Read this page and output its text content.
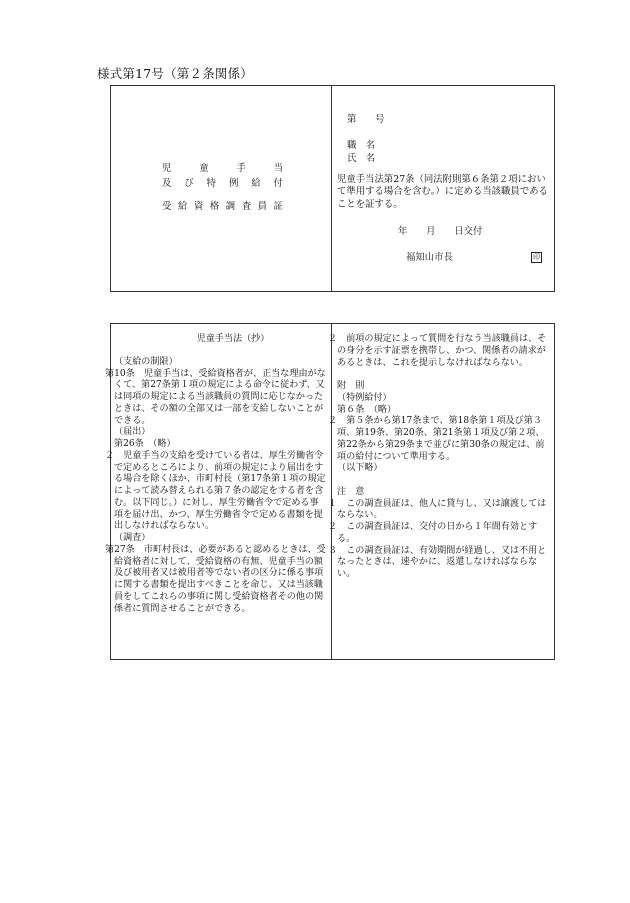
様式第17号（第２条関係）
児	童	手	当
及 び 特 例 給 付
受 給 資 格 調 査 員 証
第　　号
職　名
氏　名
児童手当法第27条（同法附則第６条第２項において準用する場合を含む。）に定める当該職員であることを証する。
年　　月　　日交付
福知山市長	印

児童手当法（抄）

（支給の制限）

第10条　児童手当は、受給資格者が、正当な理由がなくて、第27条第１項の規定による命令に従わず、又は同項の規定による当該職員の質問に応じなかったときは、その額の全部又は一部を支給しないことができる。

（届出）

第26条　（略）

２　児童手当の支給を受けている者は、厚生労働省令で定めるところにより、前項の規定により届出をする場合を除くほか、市町村長（第17条第１項の規定によって読み替えられる第７条の認定をする者を含む。以下同じ。）に対し、厚生労働省令で定める事項を届け出、かつ、厚生労働省令で定める書類を提出しなければならない。

（調査）

第27条　市町村長は、必要があると認めるときは、受給資格者に対して、受給資格の有無、児童手当の額及び被用者又は被用者等でない者の区分に係る事項に関する書類を提出すべきことを命じ、又は当該職員をしてこれらの事項に関し受給資格者その他の関係者に質問させることができる。

２　前項の規定によって質問を行なう当該職員は、その身分を示す証票を携帯し、かつ、関係者の請求があるときは、これを提示しなければならない。

附　則

（特例給付）

第６条　（略）

２　第５条から第17条まで、第18条第１項及び第３項、第19条、第20条、第21条第１項及び第２項、第22条から第29条まで並びに第30条の規定は、前項の給付について準用する。

（以下略）

注　意

１　この調査員証は、他人に貸与し、又は譲渡してはならない。

２　この調査員証は、交付の日から１年間有効とする。

３　この調査員証は、有効期間が経過し、又は不用となったときは、速やかに、返還しなければならない。
